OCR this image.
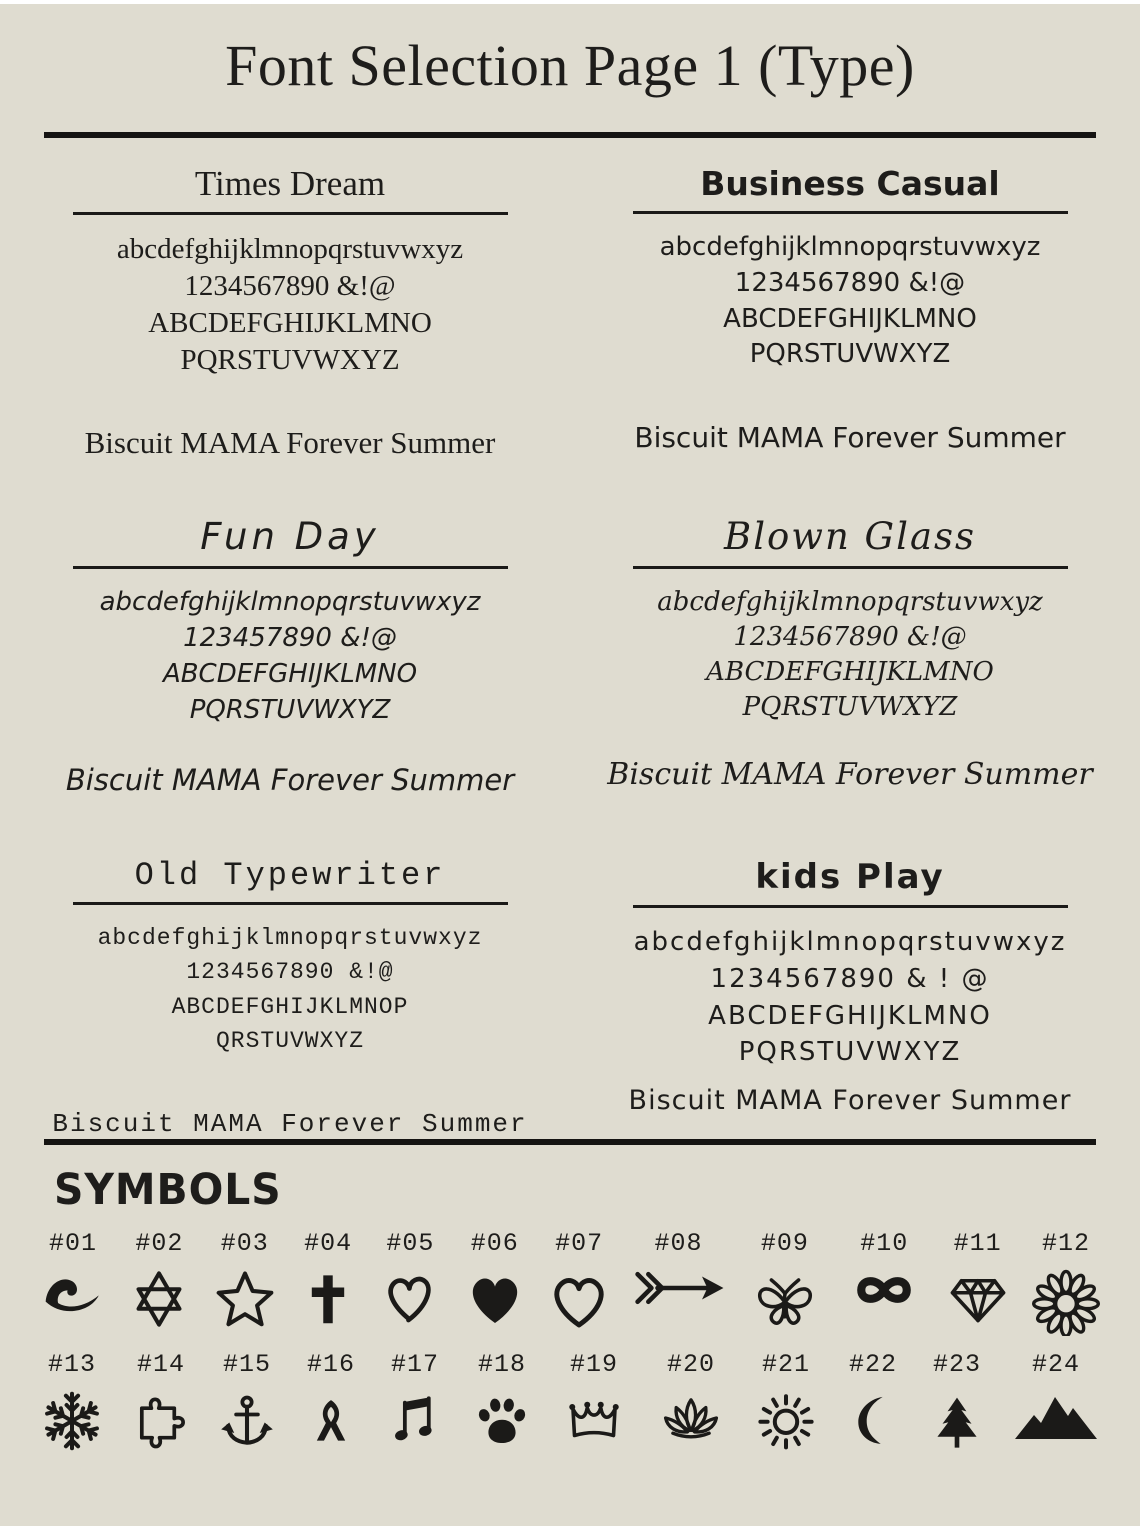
Font Selection Page 1 (Type)
Times Dream
abcdefghijklmnopqrstuvwxyz
1234567890 &!@
ABCDEFGHIJKLMNO
PQRSTUVWXYZ
Biscuit MAMA Forever Summer
Business Casual
abcdefghijklmnopqrstuvwxyz
1234567890 &!@
ABCDEFGHIJKLMNO
PQRSTUVWXYZ
Biscuit MAMA Forever Summer
Fun Day
abcdefghijklmnopqrstuvwxyz
123457890 &!@
ABCDEFGHIJKLMNO
PQRSTUVWXYZ
Biscuit MAMA Forever Summer
Blown Glass
abcdefghijklmnopqrstuvwxyz
1234567890 &!@
ABCDEFGHIJKLMNO
PQRSTUVWXYZ
Biscuit MAMA Forever Summer
Old Typewriter
abcdefghijklmnopqrstuvwxyz
1234567890 &!@
ABCDEFGHIJKLMNOP
QRSTUVWXYZ
Biscuit MAMA Forever Summer
kids Play
abcdefghijklmnopqrstuvwxyz
1234567890 & ! @
ABCDEFGHIJKLMNO
PQRSTUVWXYZ
Biscuit MAMA Forever Summer
SYMBOLS
#01 #02 #03 #04 #05 #06 #07 #08 #09 #10 #11 #12
#13 #14 #15 #16 #17 #18 #19 #20 #21 #22 #23 #24
